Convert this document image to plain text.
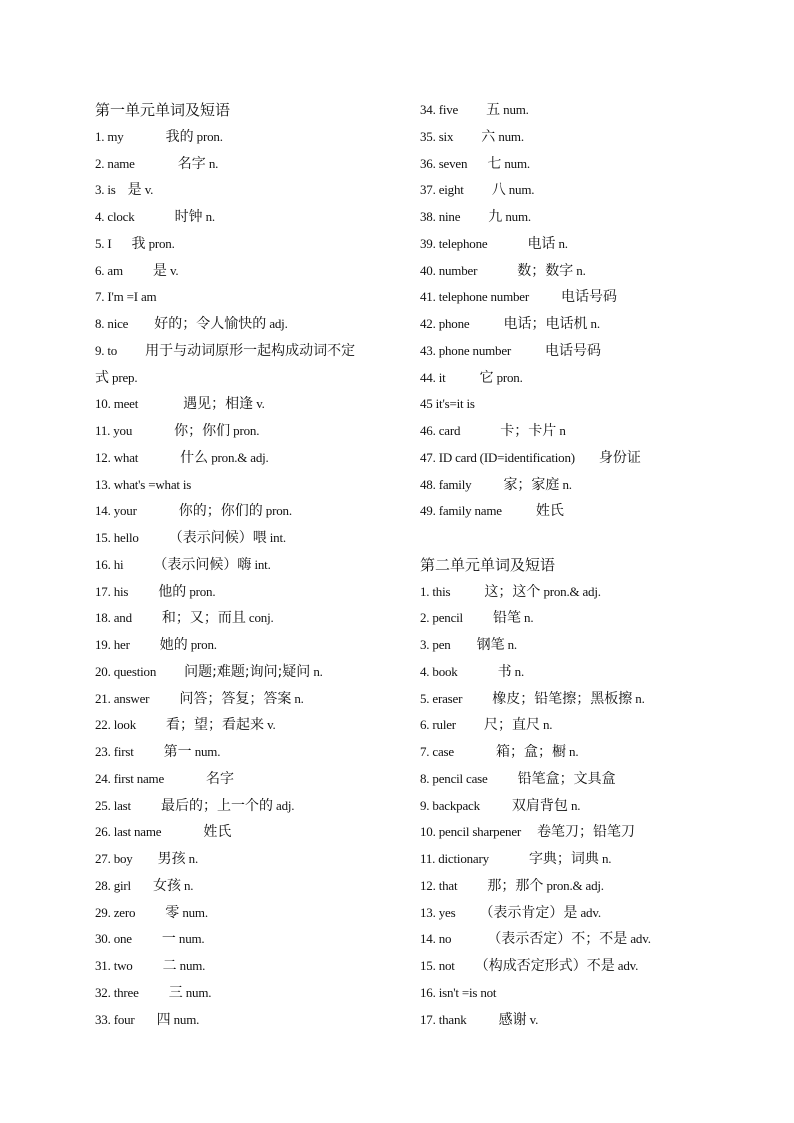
第一单元单词及短语
1. my	我的 pron.
2. name	名字 n.
3. is 是 v.
4. clock	时钟 n.
5. I 我 pron.
6. am 是 v.
7. I'm =I am
8. nice 好的；令人愉快的 adj.
9. to 用于与动词原形一起构成动词不定
式 prep.
10. meet	遇见；相逢 v.
11. you	你；你们 pron.
12. what	什么 pron.& adj.
13. what's =what is
14. your	你的；你们的 pron.
15. hello （表示问候）喂 int.
16. hi （表示问候）嗨 int.
17. his 他的 pron.
18. and 和；又；而且 conj.
19. her 她的 pron.
20. question 问题;难题;询问;疑问 n.
21. answer 问答；答复；答案 n.
22. look 看；望；看起来 v.
23. first 第一 num.
24. first name	名字
25. last 最后的；上一个的 adj.
26. last name	姓氏
27. boy 男孩 n.
28. girl 女孩 n.
29. zero 零 num.
30. one 一 num.
31. two 二 num.
32. three 三 num.
33. four 四 num.
34. five 五 num.
35. six 六 num.
36. seven 七 num.
37. eight 八 num.
38. nine 九 num.
39. telephone	电话 n.
40. number	数；数字 n.
41. telephone number 电话号码
42. phone 电话；电话机 n.
43. phone number 电话号码
44. it 它 pron.
45 it's=it is
46. card	卡；卡片 n
47. ID card (ID=identification) 身份证
48. family 家；家庭 n.
49. family name 姓氏
第二单元单词及短语
1. this 这；这个 pron.& adj.
2. pencil 铅笔 n.
3. pen 钢笔 n.
4. book	书 n.
5. eraser 橡皮；铅笔擦；黑板擦 n.
6. ruler 尺；直尺 n.
7. case	箱；盒；橱 n.
8. pencil case 铅笔盒；文具盒
9. backpack 双肩背包 n.
10. pencil sharpener 卷笔刀；铅笔刀
11. dictionary	字典；词典 n.
12. that 那；那个 pron.& adj.
13. yes （表示肯定）是 adv.
14. no	（表示否定）不；不是 adv.
15. not （构成否定形式）不是 adv.
16. isn't =is not
17. thank 感谢 v.
